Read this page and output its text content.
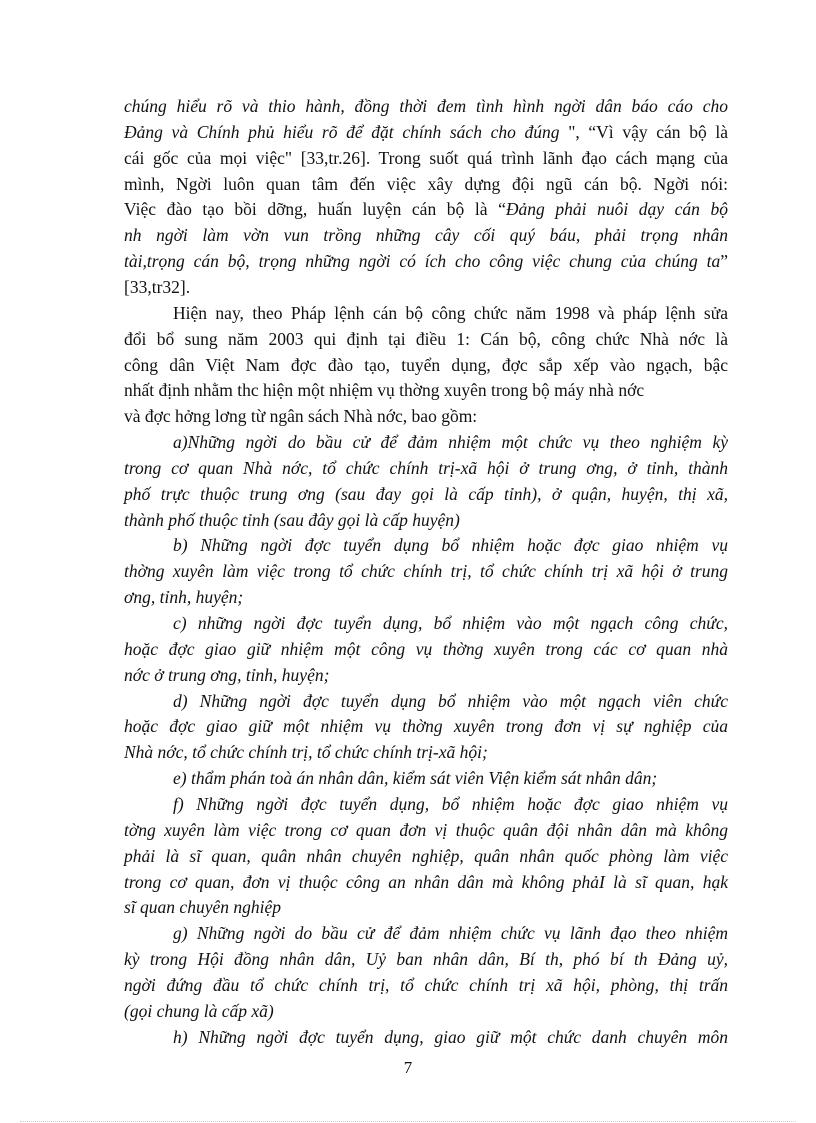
chúng hiểu rõ và thio hành, đồng thời đem tình hình ngời dân báo cáo cho
Đảng và Chính phủ hiểu rõ để đặt chính sách cho đúng ", “Vì vậy cán bộ là
cái gốc của mọi việc" [33,tr.26]. Trong suốt quá trình lãnh đạo cách mạng của
mình, Ngời luôn quan tâm đến việc xây dựng đội ngũ cán bộ. Ngời nói:
Việc đào tạo bồi dỡng, huấn luyện cán bộ là “Đảng phải nuôi dạy cán bộ
nh ngời làm vờn vun trồng những cây cối quý báu, phải trọng nhân
tài,trọng cán bộ, trọng những ngời có ích cho công việc chung của chúng ta”
[33,tr32].
Hiện nay, theo Pháp lệnh cán bộ công chức năm 1998 và pháp lệnh sửa
đổi bổ sung năm 2003 qui định tại điều 1: Cán bộ, công chức Nhà nớc là
công dân Việt Nam đợc đào tạo, tuyển dụng, đợc sắp xếp vào ngạch, bậc
nhất định nhằm thc hiện một nhiệm vụ thờng xuyên trong bộ máy nhà nớc
và đợc hởng lơng từ ngân sách Nhà nớc, bao gồm:
a)Những ngời do bầu cử để đảm nhiệm một chức vụ theo nghiệm kỳ
trong cơ quan Nhà nớc, tổ chức chính trị-xã hội ở trung ơng, ở tỉnh, thành
phố trực thuộc trung ơng (sau đay gọi là cấp tỉnh), ở quận, huyện, thị xã,
thành phố thuộc tỉnh (sau đây gọi là cấp huyện)
b) Những ngời đợc tuyển dụng bổ nhiệm hoặc đợc giao nhiệm vụ
thờng xuyên làm việc trong tổ chức chính trị, tổ chức chính trị xã hội ở trung
ơng, tỉnh, huyện;
c) những ngời đợc tuyển dụng, bổ nhiệm vào một ngạch công chức,
hoặc đợc giao giữ nhiệm một công vụ thờng xuyên trong các cơ quan nhà
nớc ở trung ơng, tỉnh, huyện;
d) Những ngời đợc tuyển dụng bổ nhiệm vào một ngạch viên chức
hoặc đợc giao giữ một nhiệm vụ thờng xuyên trong đơn vị sự nghiệp của
Nhà nớc, tổ chức chính trị, tổ chức chính trị-xã hội;
e) thẩm phán toà án nhân dân, kiểm sát viên Viện kiểm sát nhân dân;
f) Những ngời đợc tuyển dụng, bổ nhiệm hoặc đợc giao nhiệm vụ
tờng xuyên làm việc trong cơ quan đơn vị thuộc quân đội nhân dân mà không
phải là sĩ quan, quân nhân chuyên nghiệp, quân nhân quốc phòng làm việc
trong cơ quan, đơn vị thuộc công an nhân dân mà không phảI là sĩ quan, hạk
sĩ quan chuyên nghiệp
g) Những ngời do bầu cử để đảm nhiệm chức vụ lãnh đạo theo nhiệm
kỳ trong Hội đồng nhân dân, Uỷ ban nhân dân, Bí th, phó bí th Đảng uỷ,
ngời đứng đầu tổ chức chính trị, tổ chức chính trị xã hội, phòng, thị trấn
(gọi chung là cấp xã)
h) Những ngời đợc tuyển dụng, giao giữ một chức danh chuyên môn
7
